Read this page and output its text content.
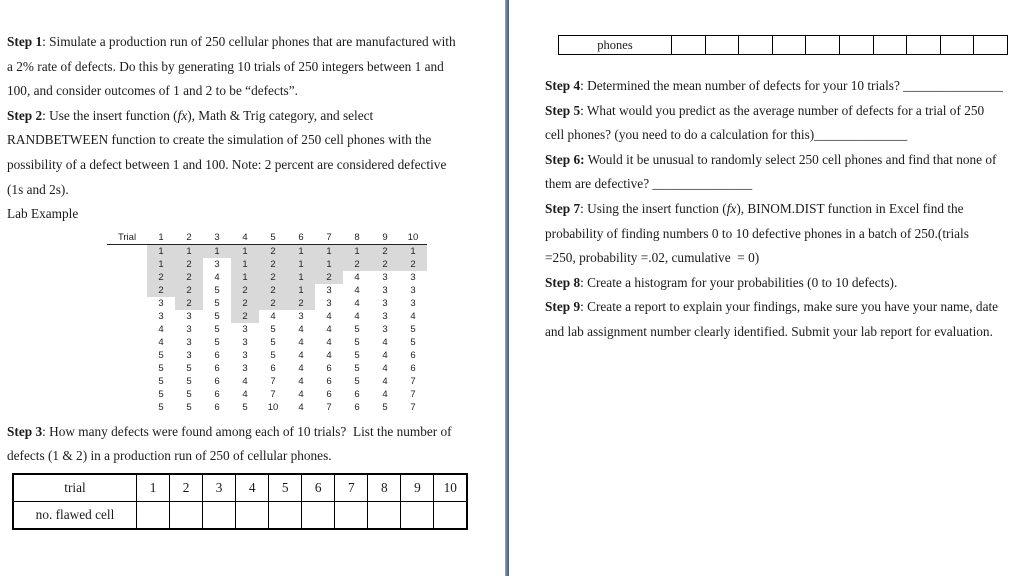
Step 1: Simulate a production run of 250 cellular phones that are manufactured with
a 2% rate of defects. Do this by generating 10 trials of 250 integers between 1 and
100, and consider outcomes of 1 and 2 to be “defects”.
Step 2: Use the insert function (fx), Math & Trig category, and select
RANDBETWEEN function to create the simulation of 250 cell phones with the
possibility of a defect between 1 and 100. Note: 2 percent are considered defective
(1s and 2s).
Lab Example
Trial	1	2	3	4	5	6	7	8	9	10
	1	1	1	1	2	1	1	1	2	1
	1	2	3	1	2	1	1	2	2	2
	2	2	4	1	2	1	2	4	3	3
	2	2	5	2	2	1	3	4	3	3
	3	2	5	2	2	2	3	4	3	3
	3	3	5	2	4	3	4	4	3	4
	4	3	5	3	5	4	4	5	3	5
	4	3	5	3	5	4	4	5	4	5
	5	3	6	3	5	4	4	5	4	6
	5	5	6	3	6	4	6	5	4	6
	5	5	6	4	7	4	6	5	4	7
	5	5	6	4	7	4	6	6	4	7
	5	5	6	5	10	4	7	6	5	7
Step 3: How many defects were found among each of 10 trials?  List the number of
defects (1 & 2) in a production run of 250 of cellular phones.
trial	1	2	3	4	5	6	7	8	9	10
no. flawed cell										
phones										
Step 4: Determined the mean number of defects for your 10 trials? _______________
Step 5: What would you predict as the average number of defects for a trial of 250
cell phones? (you need to do a calculation for this)______________
Step 6: Would it be unusual to randomly select 250 cell phones and find that none of
them are defective? _______________
Step 7: Using the insert function (fx), BINOM.DIST function in Excel find the
probability of finding numbers 0 to 10 defective phones in a batch of 250.(trials
=250, probability =.02, cumulative  = 0)
Step 8: Create a histogram for your probabilities (0 to 10 defects).
Step 9: Create a report to explain your findings, make sure you have your name, date
and lab assignment number clearly identified. Submit your lab report for evaluation.
